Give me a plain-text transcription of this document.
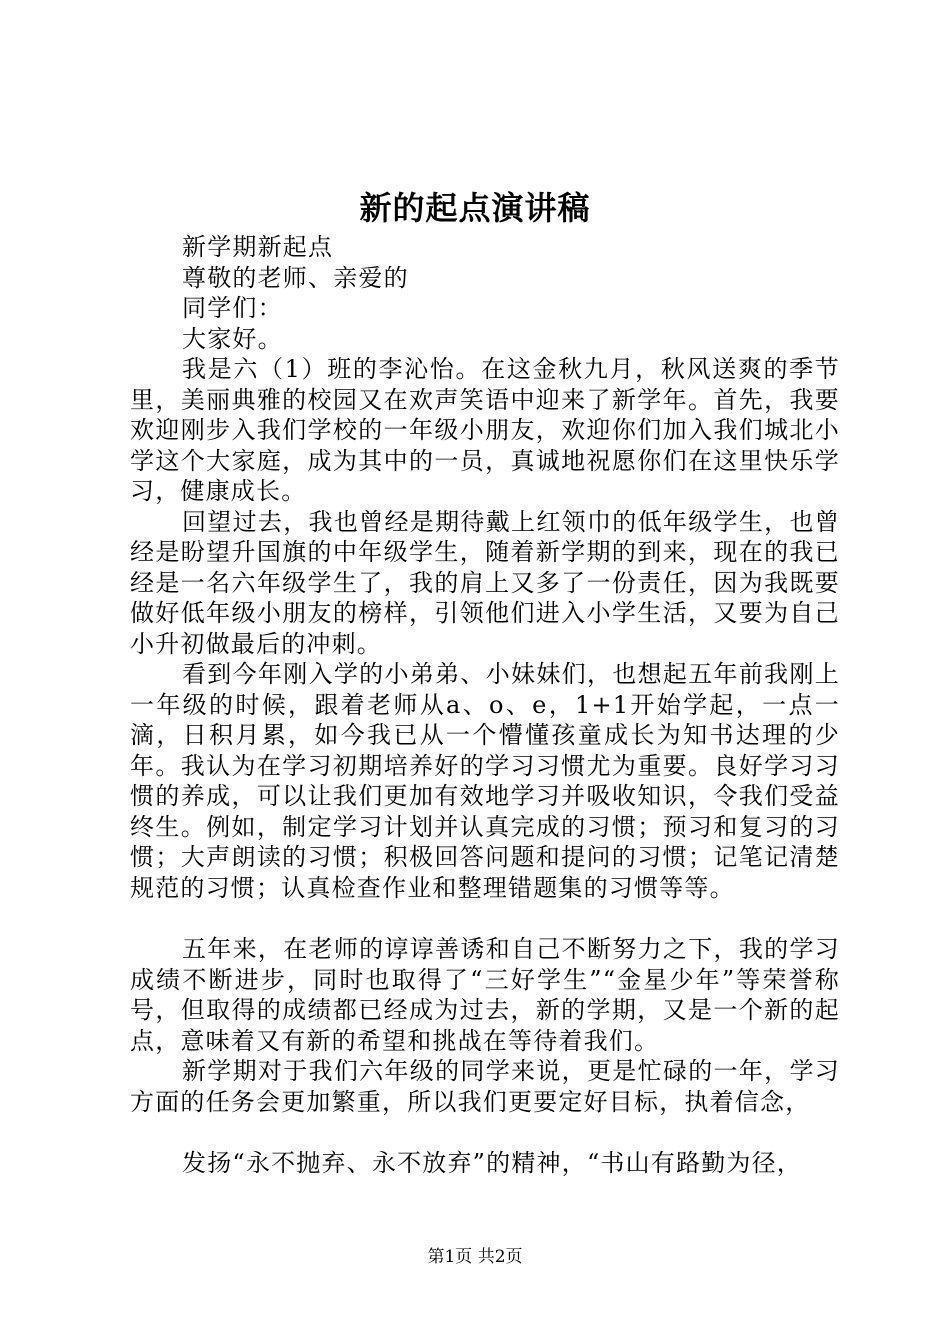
新的起点演讲稿

新学期新起点

尊敬的老师、亲爱的

同学们：

大家好。

我是六（1）班的李沁怡。在这金秋九月，秋风送爽的季节里，美丽典雅的校园又在欢声笑语中迎来了新学年。首先，我要欢迎刚步入我们学校的一年级小朋友，欢迎你们加入我们城北小学这个大家庭，成为其中的一员，真诚地祝愿你们在这里快乐学习，健康成长。

回望过去，我也曾经是期待戴上红领巾的低年级学生，也曾经是盼望升国旗的中年级学生，随着新学期的到来，现在的我已经是一名六年级学生了，我的肩上又多了一份责任，因为我既要做好低年级小朋友的榜样，引领他们进入小学生活，又要为自己小升初做最后的冲刺。

看到今年刚入学的小弟弟、小妹妹们，也想起五年前我刚上一年级的时候，跟着老师从a、o、e，1+1开始学起，一点一滴，日积月累，如今我已从一个懵懂孩童成长为知书达理的少年。我认为在学习初期培养好的学习习惯尤为重要。良好学习习惯的养成，可以让我们更加有效地学习并吸收知识，令我们受益终生。例如，制定学习计划并认真完成的习惯；预习和复习的习惯；大声朗读的习惯；积极回答问题和提问的习惯；记笔记清楚规范的习惯；认真检查作业和整理错题集的习惯等等。

五年来，在老师的谆谆善诱和自己不断努力之下，我的学习成绩不断进步，同时也取得了“三好学生”“金星少年”等荣誉称号，但取得的成绩都已经成为过去，新的学期，又是一个新的起点，意味着又有新的希望和挑战在等待着我们。

新学期对于我们六年级的同学来说，更是忙碌的一年，学习方面的任务会更加繁重，所以我们更要定好目标，执着信念，

发扬“永不抛弃、永不放弃”的精神，“书山有路勤为径，

第1页 共2页
